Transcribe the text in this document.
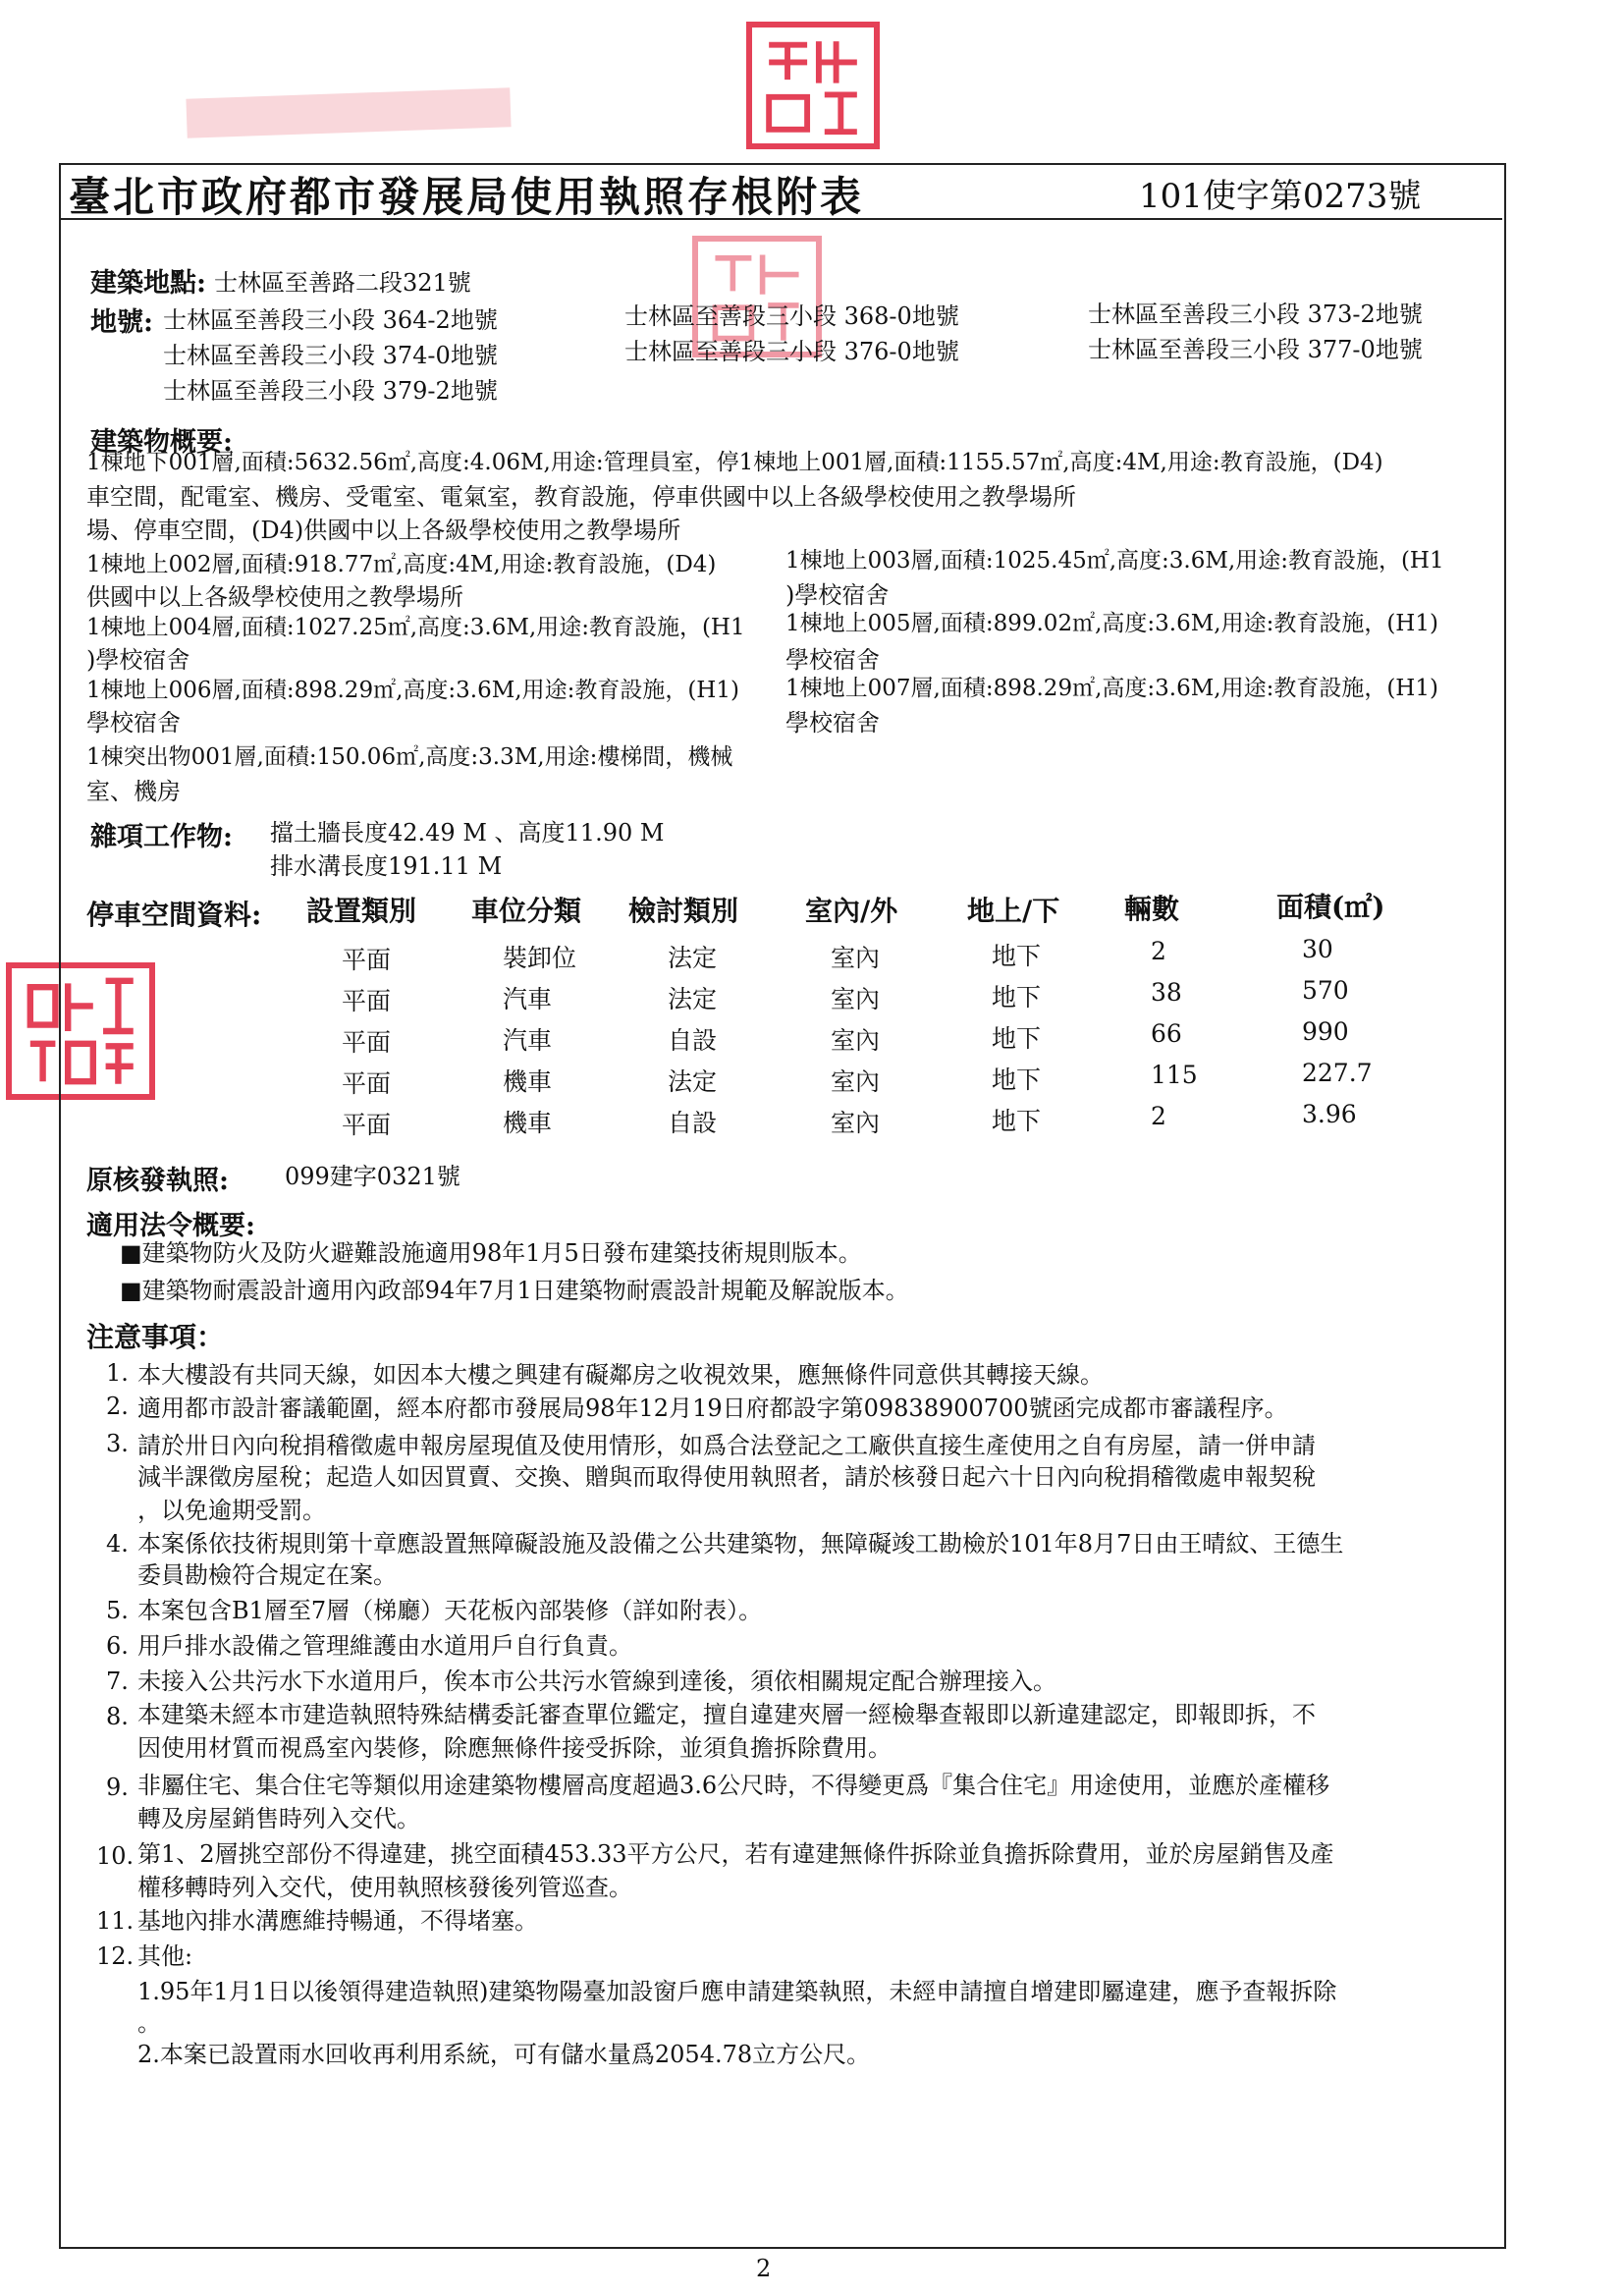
臺北市政府都市發展局使用執照存根附表	101使字第0273號
建築地點: 士林區至善路二段321號
地號: 士林區至善段三小段 364-2地號	士林區至善段三小段 368-0地號	士林區至善段三小段 373-2地號
士林區至善段三小段 374-0地號	士林區至善段三小段 376-0地號	士林區至善段三小段 377-0地號
士林區至善段三小段 379-2地號
建築物概要:
1棟地下001層,面積:5632.56㎡,高度:4.06M,用途:管理員室，停1棟地上001層,面積:1155.57㎡,高度:4M,用途:教育設施，(D4)
車空間，配電室、機房、受電室、電氣室，教育設施，停車供國中以上各級學校使用之教學場所
場、停車空間，(D4)供國中以上各級學校使用之教學場所
1棟地上002層,面積:918.77㎡,高度:4M,用途:教育設施，(D4)
供國中以上各級學校使用之教學場所
1棟地上004層,面積:1027.25㎡,高度:3.6M,用途:教育設施，(H1
)學校宿舍
1棟地上006層,面積:898.29㎡,高度:3.6M,用途:教育設施，(H1)
學校宿舍
1棟突出物001層,面積:150.06㎡,高度:3.3M,用途:樓梯間，機械
室、機房
1棟地上003層,面積:1025.45㎡,高度:3.6M,用途:教育設施，(H1
)學校宿舍
1棟地上005層,面積:899.02㎡,高度:3.6M,用途:教育設施，(H1)
學校宿舍
1棟地上007層,面積:898.29㎡,高度:3.6M,用途:教育設施，(H1)
學校宿舍
雜項工作物: 擋土牆長度42.49 M 、高度11.90 M
排水溝長度191.11 M
停車空間資料: 設置類別 車位分類 檢討類別 室內/外	地上/下 輛數	面積(㎡)
平面	裝卸位	法定	室內	地下	2	30
平面	汽車	法定	室內	地下	38	570
平面	汽車	自設	室內	地下	66	990
平面	機車	法定	室內	地下	115	227.7
平面	機車	自設	室內	地下	2	3.96
原核發執照: 099建字0321號
適用法令概要:
■建築物防火及防火避難設施適用98年1月5日發布建築技術規則版本。
■建築物耐震設計適用內政部94年7月1日建築物耐震設計規範及解說版本。
注意事項：
1. 本大樓設有共同天線，如因本大樓之興建有礙鄰房之收視效果，應無條件同意供其轉接天線。
2. 適用都市設計審議範圍，經本府都市發展局98年12月19日府都設字第09838900700號函完成都市審議程序。
3. 請於卅日內向稅捐稽徵處申報房屋現值及使用情形，如爲合法登記之工廠供直接生產使用之自有房屋，請一併申請
減半課徵房屋稅；起造人如因買賣、交換、贈與而取得使用執照者，請於核發日起六十日內向稅捐稽徵處申報契稅
，以免逾期受罰。
4. 本案係依技術規則第十章應設置無障礙設施及設備之公共建築物，無障礙竣工勘檢於101年8月7日由王晴紋、王德生
委員勘檢符合規定在案。
5. 本案包含B1層至7層（梯廳）天花板內部裝修（詳如附表）。
6. 用戶排水設備之管理維護由水道用戶自行負責。
7. 未接入公共污水下水道用戶，俟本市公共污水管線到達後，須依相關規定配合辦理接入。
8. 本建築未經本市建造執照特殊結構委託審查單位鑑定，擅自違建夾層一經檢舉查報即以新違建認定，即報即拆，不
因使用材質而視爲室內裝修，除應無條件接受拆除，並須負擔拆除費用。
9. 非屬住宅、集合住宅等類似用途建築物樓層高度超過3.6公尺時，不得變更爲『集合住宅』用途使用，並應於產權移
轉及房屋銷售時列入交代。
10. 第1、2層挑空部份不得違建，挑空面積453.33平方公尺，若有違建無條件拆除並負擔拆除費用，並於房屋銷售及產
權移轉時列入交代，使用執照核發後列管巡查。
11. 基地內排水溝應維持暢通，不得堵塞。
12. 其他:
1.95年1月1日以後領得建造執照)建築物陽臺加設窗戶應申請建築執照，未經申請擅自增建即屬違建，應予查報拆除
。
2.本案已設置雨水回收再利用系統，可有儲水量爲2054.78立方公尺。
2
